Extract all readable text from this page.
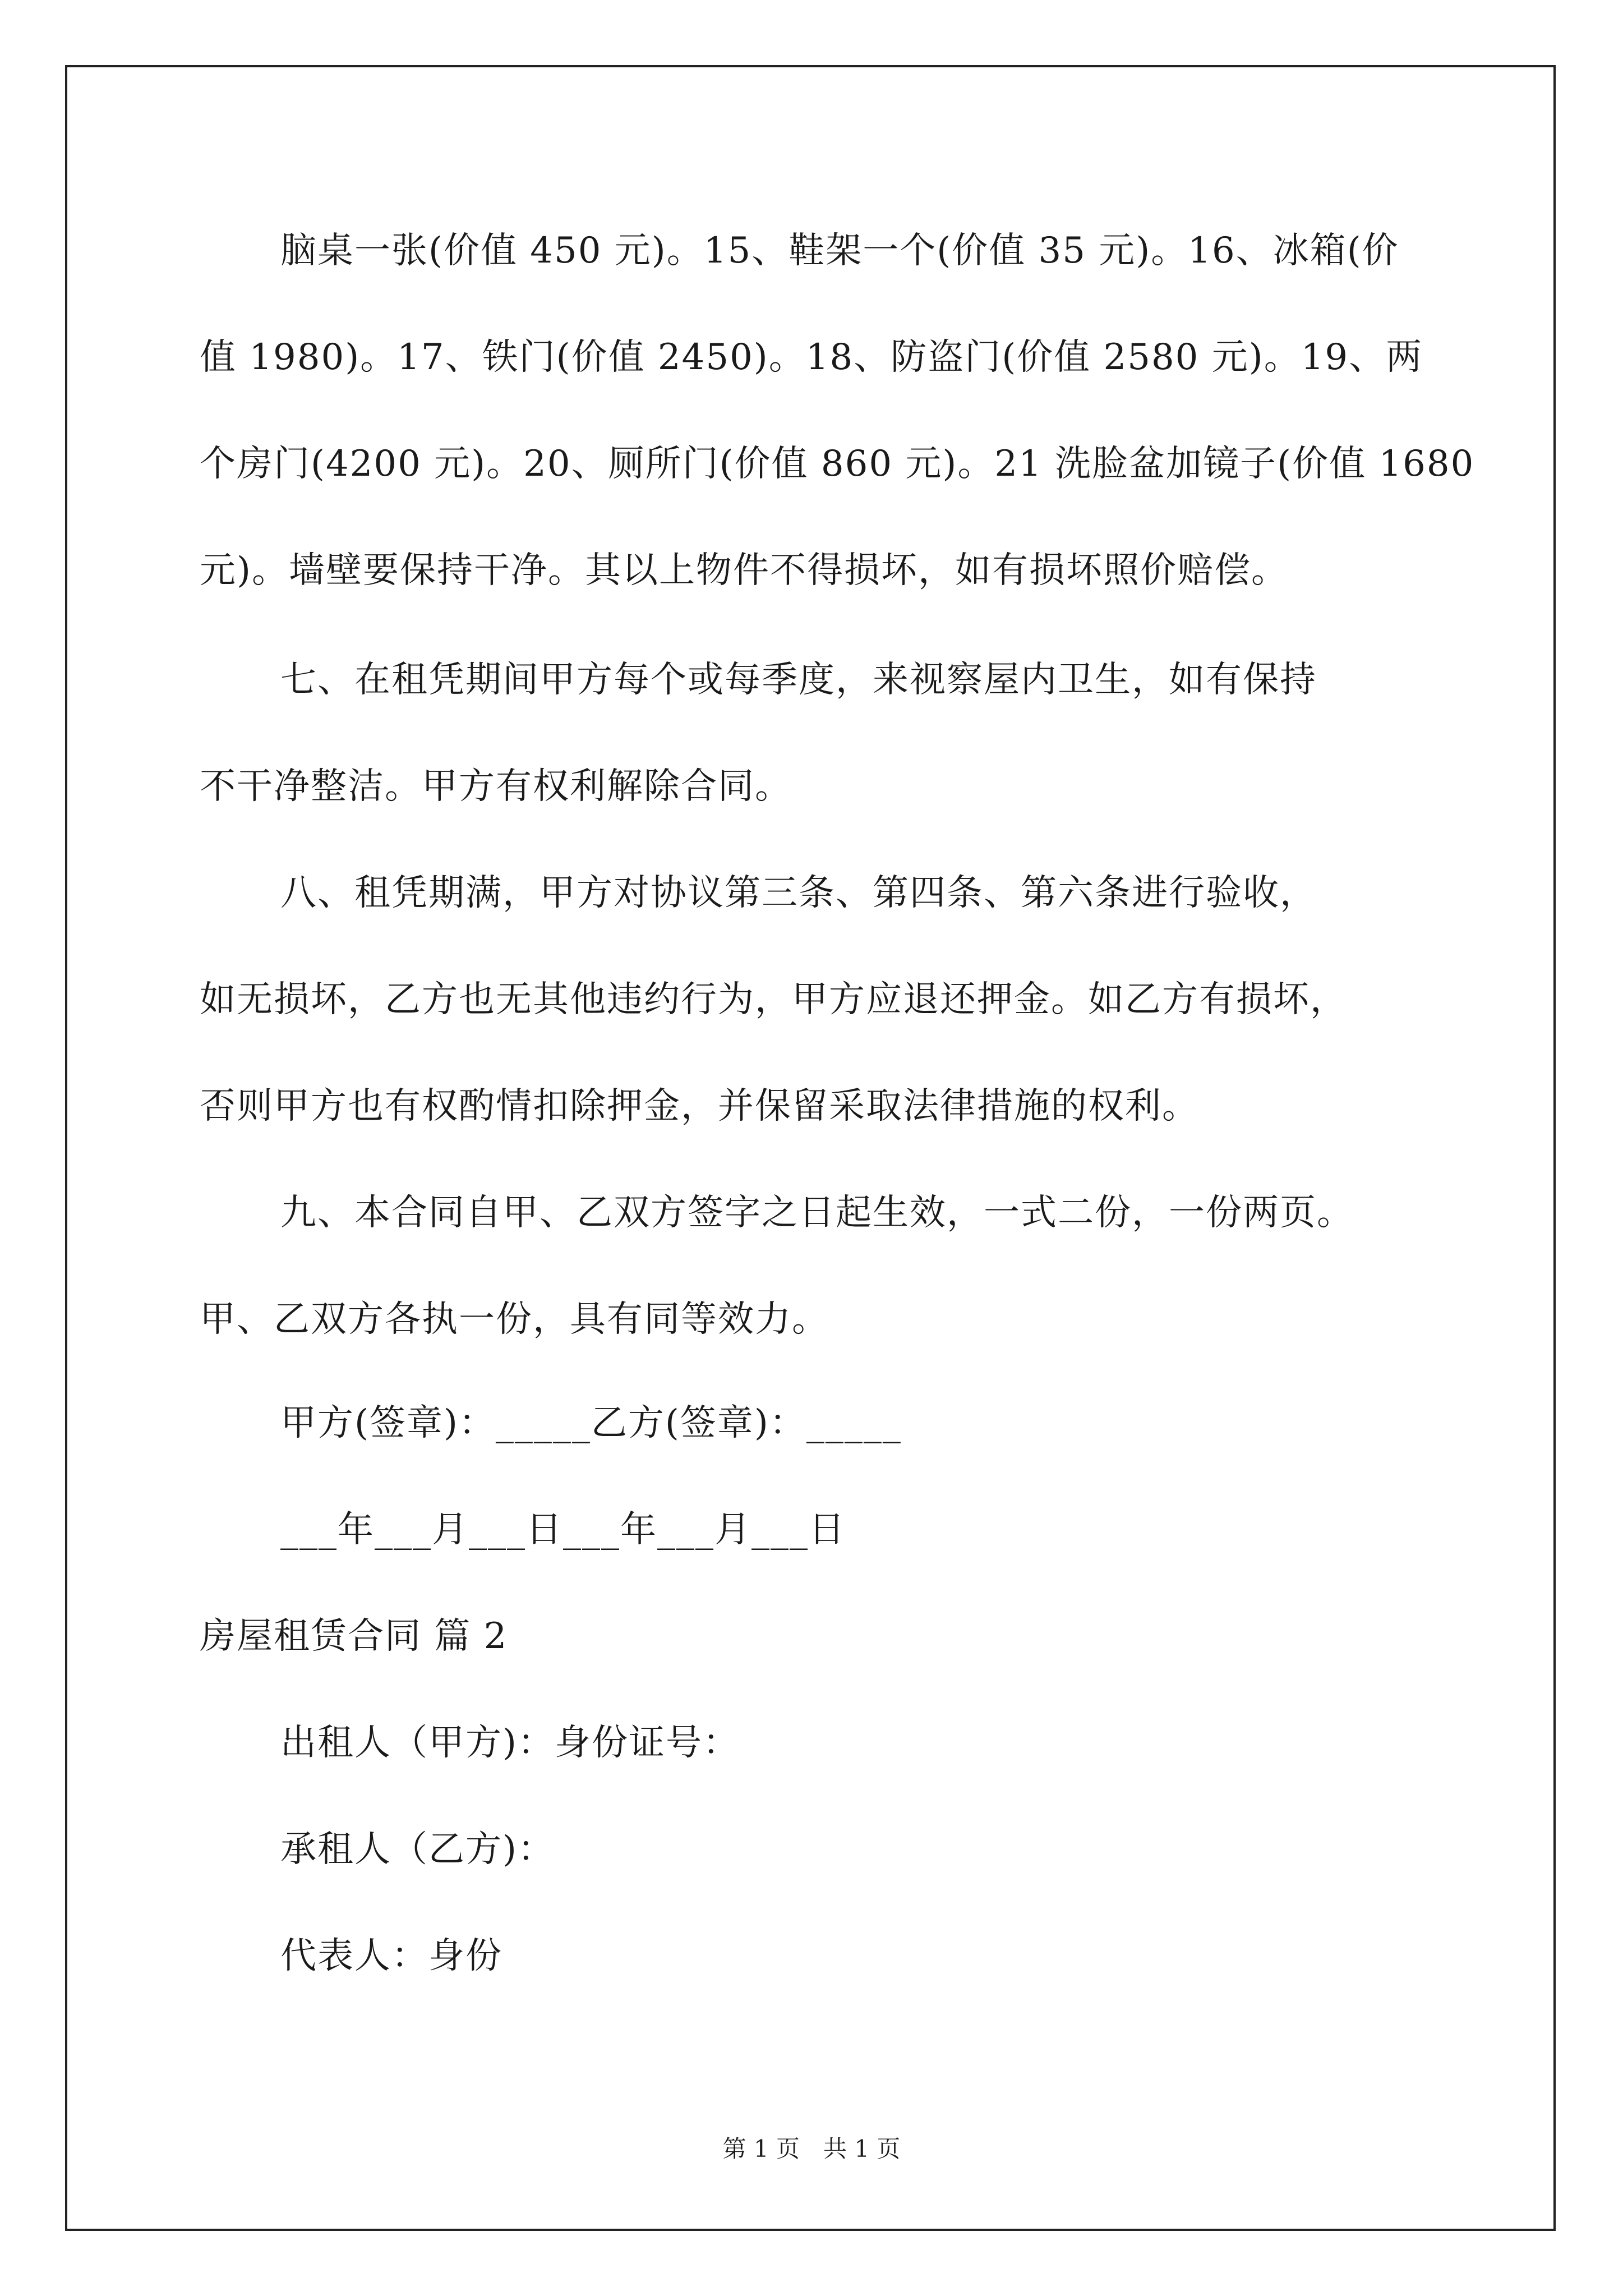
脑桌一张(价值 450 元)。15、鞋架一个(价值 35 元)。16、冰箱(价
值 1980)。17、铁门(价值 2450)。18、防盗门(价值 2580 元)。19、两
个房门(4200 元)。20、厕所门(价值 860 元)。21 洗脸盆加镜子(价值 1680
元)。墙壁要保持干净。其以上物件不得损坏，如有损坏照价赔偿。
七、在租凭期间甲方每个或每季度，来视察屋内卫生，如有保持
不干净整洁。甲方有权利解除合同。
八、租凭期满，甲方对协议第三条、第四条、第六条进行验收，
如无损坏，乙方也无其他违约行为，甲方应退还押金。如乙方有损坏，
否则甲方也有权酌情扣除押金，并保留采取法律措施的权利。
九、本合同自甲、乙双方签字之日起生效，一式二份，一份两页。
甲、乙双方各执一份，具有同等效力。
甲方(签章)：_____乙方(签章)：_____
___年___月___日___年___月___日
房屋租赁合同 篇 2
出租人（甲方)：身份证号：
承租人（乙方)：
代表人：身份
第 1 页　共 1 页
